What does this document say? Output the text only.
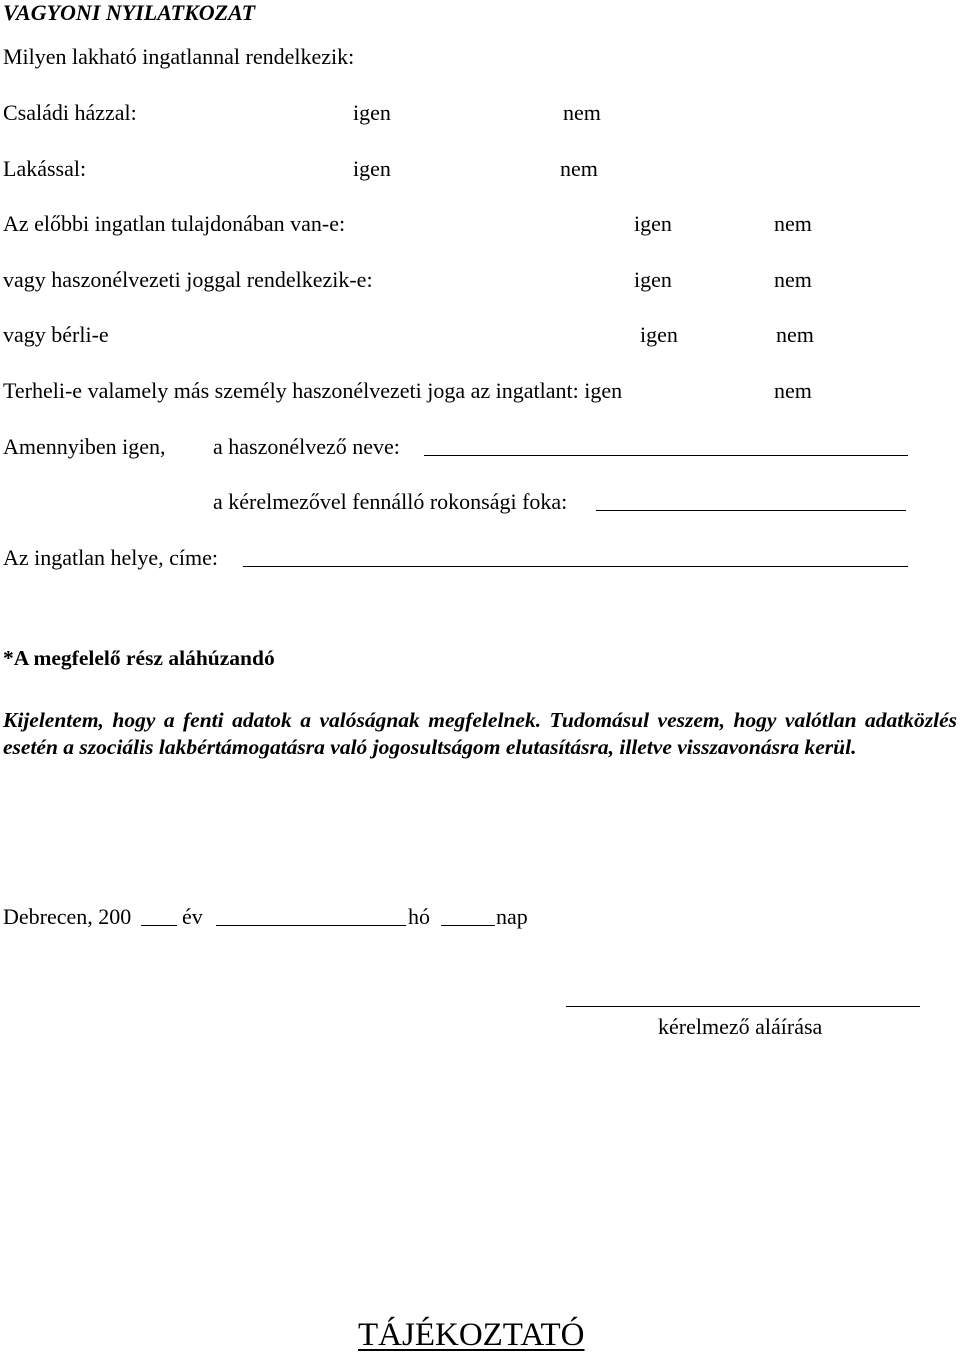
VAGYONI NYILATKOZAT
Milyen lakható ingatlannal rendelkezik:
Családi házzal:	igen	nem
Lakással:	igen	nem
Az előbbi ingatlan tulajdonában van-e:	igen	nem
vagy haszonélvezeti joggal rendelkezik-e:	igen	nem
vagy bérli-e	igen	nem
Terheli-e valamely más személy haszonélvezeti joga az ingatlant: igen	nem
Amennyiben igen, a haszonélvező neve:
a kérelmezővel fennálló rokonsági foka:
Az ingatlan helye, címe:
*A megfelelő rész aláhúzandó
Kijelentem, hogy a fenti adatok a valóságnak megfelelnek. Tudomásul veszem, hogy valótlan adatközlés esetén a szociális lakbértámogatásra való jogosultságom elutasításra, illetve visszavonásra kerül.
Debrecen, 200 év	hó	nap
kérelmező aláírása
TÁJÉKOZTATÓ
